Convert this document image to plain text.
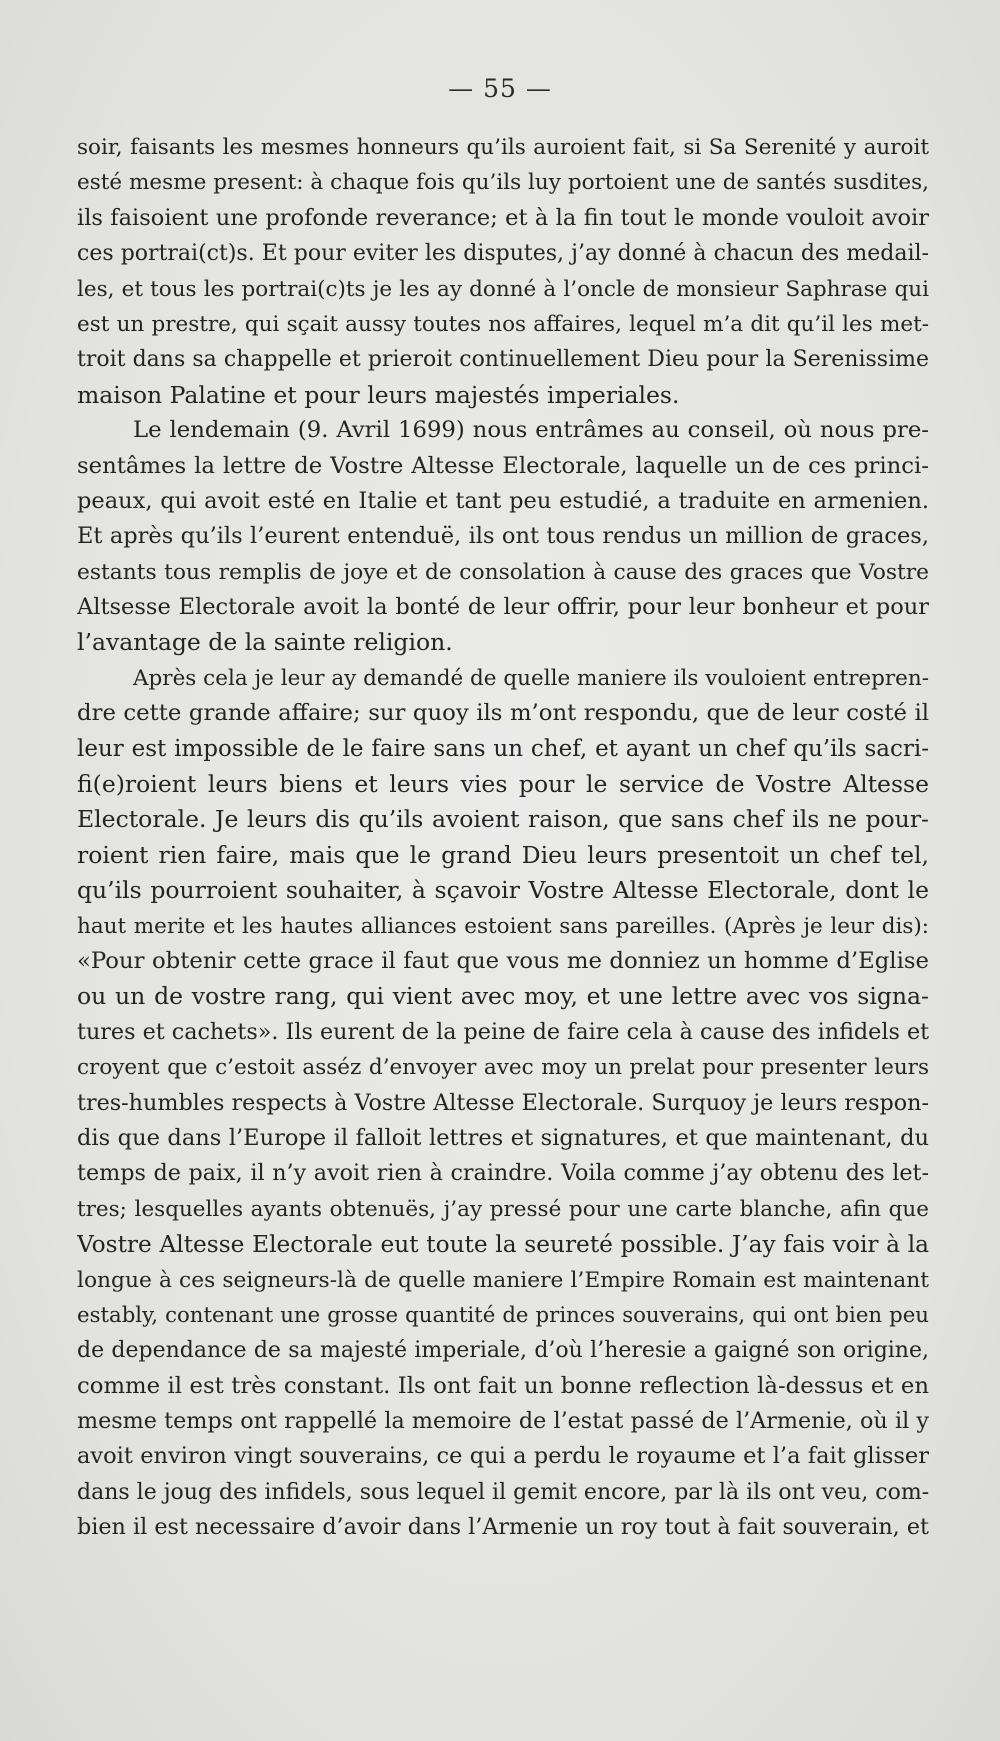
— 55 —
soir, faisants les mesmes honneurs qu’ils auroient fait, si Sa Serenité y auroit
esté mesme present: à chaque fois qu’ils luy portoient une de santés susdites,
ils faisoient une profonde reverance; et à la fin tout le monde vouloit avoir
ces portrai(ct)s. Et pour eviter les disputes, j’ay donné à chacun des medail-
les, et tous les portrai(c)ts je les ay donné à l’oncle de monsieur Saphrase qui
est un prestre, qui sçait aussy toutes nos affaires, lequel m’a dit qu’il les met-
troit dans sa chappelle et prieroit continuellement Dieu pour la Serenissime
maison Palatine et pour leurs majestés imperiales.
Le lendemain (9. Avril 1699) nous entrâmes au conseil, où nous pre-
sentâmes la lettre de Vostre Altesse Electorale, laquelle un de ces princi-
peaux, qui avoit esté en Italie et tant peu estudié, a traduite en armenien.
Et après qu’ils l’eurent entenduë, ils ont tous rendus un million de graces,
estants tous remplis de joye et de consolation à cause des graces que Vostre
Altsesse Electorale avoit la bonté de leur offrir, pour leur bonheur et pour
l’avantage de la sainte religion.
Après cela je leur ay demandé de quelle maniere ils vouloient entrepren-
dre cette grande affaire; sur quoy ils m’ont respondu, que de leur costé il
leur est impossible de le faire sans un chef, et ayant un chef qu’ils sacri-
fi(e)roient leurs biens et leurs vies pour le service de Vostre Altesse
Electorale. Je leurs dis qu’ils avoient raison, que sans chef ils ne pour-
roient rien faire, mais que le grand Dieu leurs presentoit un chef tel,
qu’ils pourroient souhaiter, à sçavoir Vostre Altesse Electorale, dont le
haut merite et les hautes alliances estoient sans pareilles. (Après je leur dis):
«Pour obtenir cette grace il faut que vous me donniez un homme d’Eglise
ou un de vostre rang, qui vient avec moy, et une lettre avec vos signa-
tures et cachets». Ils eurent de la peine de faire cela à cause des infidels et
croyent que c’estoit asséz d’envoyer avec moy un prelat pour presenter leurs
tres-humbles respects à Vostre Altesse Electorale. Surquoy je leurs respon-
dis que dans l’Europe il falloit lettres et signatures, et que maintenant, du
temps de paix, il n’y avoit rien à craindre. Voila comme j’ay obtenu des let-
tres; lesquelles ayants obtenuës, j’ay pressé pour une carte blanche, afin que
Vostre Altesse Electorale eut toute la seureté possible. J’ay fais voir à la
longue à ces seigneurs-là de quelle maniere l’Empire Romain est maintenant
estably, contenant une grosse quantité de princes souverains, qui ont bien peu
de dependance de sa majesté imperiale, d’où l’heresie a gaigné son origine,
comme il est très constant. Ils ont fait un bonne reflection là-dessus et en
mesme temps ont rappellé la memoire de l’estat passé de l’Armenie, où il y
avoit environ vingt souverains, ce qui a perdu le royaume et l’a fait glisser
dans le joug des infidels, sous lequel il gemit encore, par là ils ont veu, com-
bien il est necessaire d’avoir dans l’Armenie un roy tout à fait souverain, et
